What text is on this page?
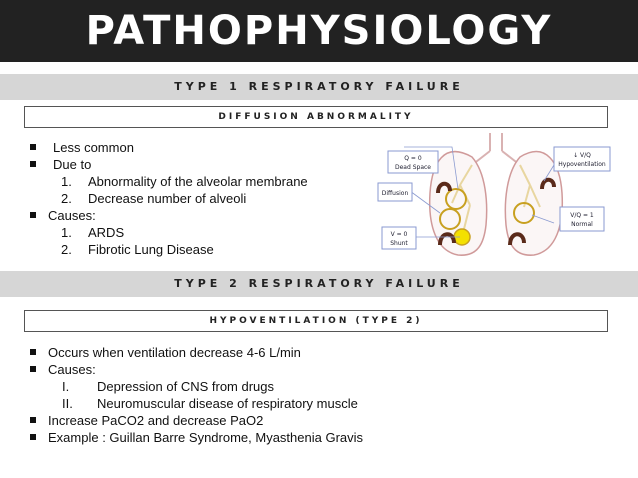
PATHOPHYSIOLOGY
TYPE 1 RESPIRATORY FAILURE
DIFFUSION ABNORMALITY
Less common
Due to
1. Abnormality of the alveolar membrane
2. Decrease number of alveoli
Causes:
1. ARDS
2. Fibrotic Lung Disease
Q = 0
Dead Space
Diffusion
V = 0
Shunt
↓ V/Q
Hypoventilation
V/Q = 1
Normal
TYPE 2 RESPIRATORY FAILURE
HYPOVENTILATION (TYPE 2)
Occurs when ventilation decrease 4-6 L/min
Causes:
I. Depression of CNS from drugs
II. Neuromuscular disease of respiratory muscle
Increase PaCO2 and decrease PaO2
Example : Guillan Barre Syndrome, Myasthenia Gravis
